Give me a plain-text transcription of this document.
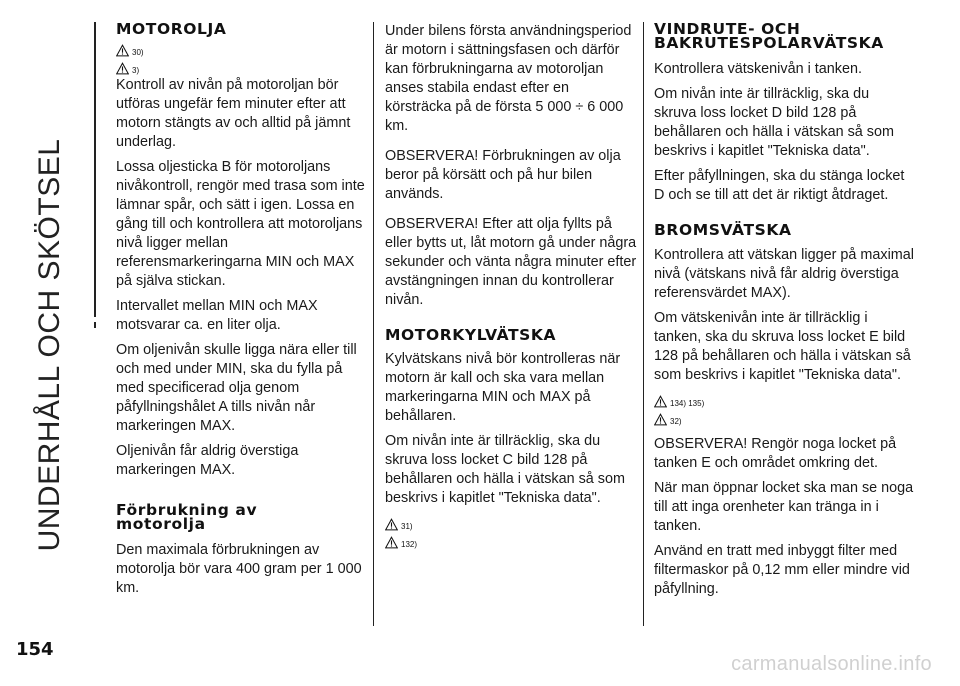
UNDERHÅLL OCH SKÖTSEL
MOTOROLJA
30)
3)

Kontroll av nivån på motoroljan bör utföras ungefär fem minuter efter att motorn stängts av och alltid på jämnt underlag.

Lossa oljesticka B för motoroljans nivåkontroll, rengör med trasa som inte lämnar spår, och sätt i igen. Lossa en gång till och kontrollera att motoroljans nivå ligger mellan referensmarkeringarna MIN och MAX på själva stickan.

Intervallet mellan MIN och MAX motsvarar ca. en liter olja.

Om oljenivån skulle ligga nära eller till och med under MIN, ska du fylla på med specificerad olja genom påfyllningshålet A tills nivån når markeringen MAX.

Oljenivån får aldrig överstiga markeringen MAX.

Förbrukning av
motorolja

Den maximala förbrukningen av motorolja bör vara 400 gram per 1 000 km.

Under bilens första användningsperiod är motorn i sättningsfasen och därför kan förbrukningarna av motoroljan anses stabila endast efter en körsträcka på de första 5 000 ÷ 6 000 km.

OBSERVERA! Förbrukningen av olja beror på körsätt och på hur bilen används.

OBSERVERA! Efter att olja fyllts på eller bytts ut, låt motorn gå under några sekunder och vänta några minuter efter avstängningen innan du kontrollerar nivån.

MOTORKYLVÄTSKA

Kylvätskans nivå bör kontrolleras när motorn är kall och ska vara mellan markeringarna MIN och MAX på behållaren.

Om nivån inte är tillräcklig, ska du skruva loss locket C bild 128 på behållaren och hälla i vätskan så som beskrivs i kapitlet "Tekniska data".

31)
132)
VINDRUTE- OCH
BAKRUTESPOLARVÄTSKA

Kontrollera vätskenivån i tanken.

Om nivån inte är tillräcklig, ska du skruva loss locket D bild 128 på behållaren och hälla i vätskan så som beskrivs i kapitlet "Tekniska data".

Efter påfyllningen, ska du stänga locket D och se till att det är riktigt åtdraget.

BROMSVÄTSKA

Kontrollera att vätskan ligger på maximal nivå (vätskans nivå får aldrig överstiga referensvärdet MAX).

Om vätskenivån inte är tillräcklig i tanken, ska du skruva loss locket E bild 128 på behållaren och hälla i vätskan så som beskrivs i kapitlet "Tekniska data".

134) 135)
32)

OBSERVERA! Rengör noga locket på tanken E och området omkring det.

När man öppnar locket ska man se noga till att inga orenheter kan tränga in i tanken.

Använd en tratt med inbyggt filter med filtermaskor på 0,12 mm eller mindre vid påfyllning.

154
carmanualsonline.info
